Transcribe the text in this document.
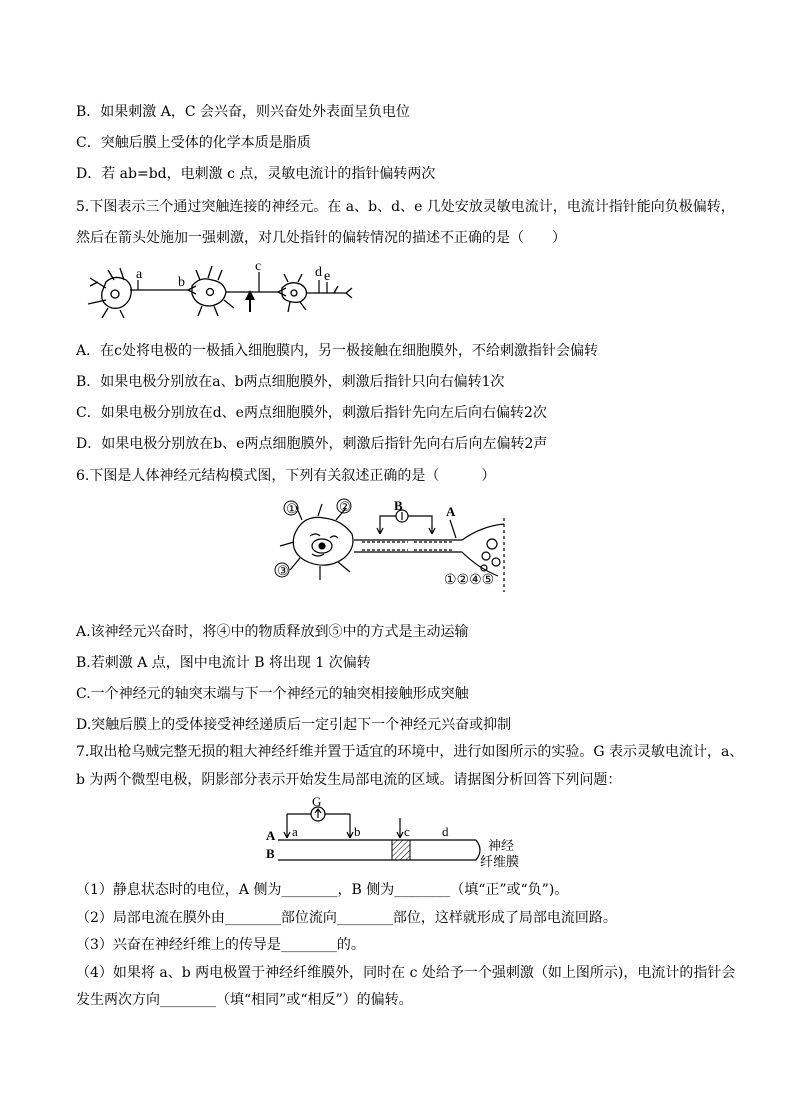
B．如果刺激 A，C 会兴奋，则兴奋处外表面呈负电位
C．突触后膜上受体的化学本质是脂质
D．若 ab=bd，电刺激 c 点，灵敏电流计的指针偏转两次
5.下图表示三个通过突触连接的神经元。在 a、b、d、e 几处安放灵敏电流计，电流计指针能向负极偏转，
然后在箭头处施加一强刺激，对几处指针的偏转情况的描述不正确的是（　　）
a
b
c	d e
A．在c处将电极的一极插入细胞膜内，另一极接触在细胞膜外，不给刺激指针会偏转
B．如果电极分别放在a、b两点细胞膜外，刺激后指针只向右偏转1次
C．如果电极分别放在d、e两点细胞膜外，刺激后指针先向左后向右偏转2次
D．如果电极分别放在b、e两点细胞膜外，刺激后指针先向右后向左偏转2声
6.下图是人体神经元结构模式图，下列有关叙述正确的是（　　　）
①	②
③
B	A
①②④⑤
A.该神经元兴奋时，将④中的物质释放到⑤中的方式是主动运输
B.若刺激 A 点，图中电流计 B 将出现 1 次偏转
C.一个神经元的轴突末端与下一个神经元的轴突相接触形成突触
D.突触后膜上的受体接受神经递质后一定引起下一个神经元兴奋或抑制
7.取出枪乌贼完整无损的粗大神经纤维并置于适宜的环境中，进行如图所示的实验。G 表示灵敏电流计，a、
b 为两个微型电极，阴影部分表示开始发生局部电流的区域。请据图分析回答下列问题：
G
A
B
a	b	c d
神经
纤维膜
（1）静息状态时的电位，A 侧为________，B 侧为________（填“正”或“负”)。
（2）局部电流在膜外由________部位流向________部位，这样就形成了局部电流回路。
（3）兴奋在神经纤维上的传导是________的。
（4）如果将 a、b 两电极置于神经纤维膜外，同时在 c 处给予一个强刺激（如上图所示)，电流计的指针会
发生两次方向________（填“相同”或“相反”）的偏转。
